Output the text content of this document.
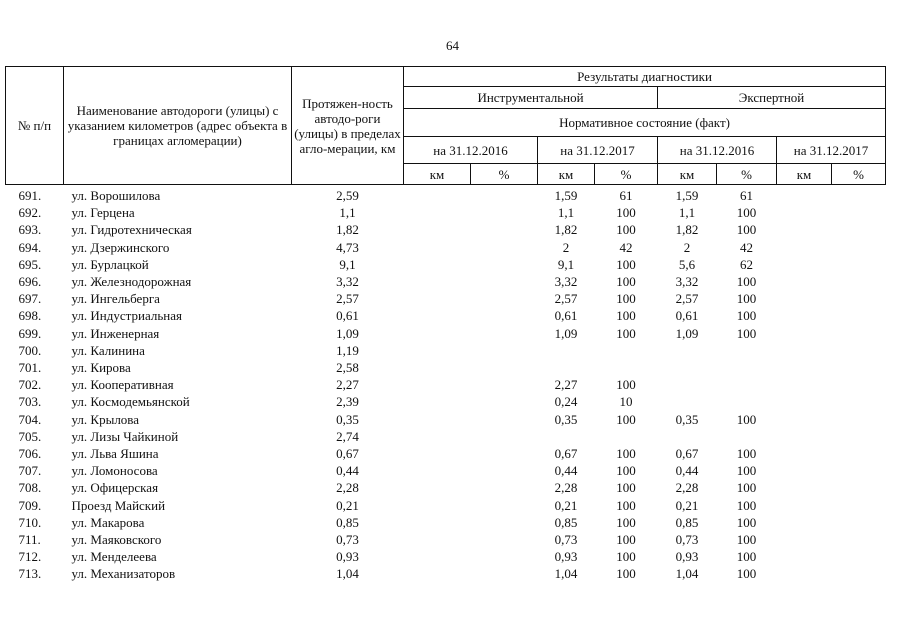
64
№ п/п	Наименование автодороги (улицы) с указанием километров (адрес объекта в границах агломерации)	Протяжен-ность автодо-роги (улицы) в пределах агло-мерации, км	Результаты диагностики							
			Инструментальной				Экспертной			
			Нормативное состояние (факт)							
			на 31.12.2016		на 31.12.2017		на 31.12.2016		на 31.12.2017	
			км	%	км	%	км	%	км	%
691.	ул. Ворошилова	2,59			1,59	61	1,59	61		
692.	ул. Герцена	1,1			1,1	100	1,1	100		
693.	ул. Гидротехническая	1,82			1,82	100	1,82	100		
694.	ул. Дзержинского	4,73			2	42	2	42		
695.	ул. Бурлацкой	9,1			9,1	100	5,6	62		
696.	ул. Железнодорожная	3,32			3,32	100	3,32	100		
697.	ул. Ингельберга	2,57			2,57	100	2,57	100		
698.	ул. Индустриальная	0,61			0,61	100	0,61	100		
699.	ул. Инженерная	1,09			1,09	100	1,09	100		
700.	ул. Калинина	1,19								
701.	ул. Кирова	2,58								
702.	ул. Кооперативная	2,27			2,27	100				
703.	ул. Космодемьянской	2,39			0,24	10				
704.	ул. Крылова	0,35			0,35	100	0,35	100		
705.	ул. Лизы Чайкиной	2,74								
706.	ул. Льва Яшина	0,67			0,67	100	0,67	100		
707.	ул. Ломоносова	0,44			0,44	100	0,44	100		
708.	ул. Офицерская	2,28			2,28	100	2,28	100		
709.	Проезд Майский	0,21			0,21	100	0,21	100		
710.	ул. Макарова	0,85			0,85	100	0,85	100		
711.	ул. Маяковского	0,73			0,73	100	0,73	100		
712.	ул. Менделеева	0,93			0,93	100	0,93	100		
713.	ул. Механизаторов	1,04			1,04	100	1,04	100		
